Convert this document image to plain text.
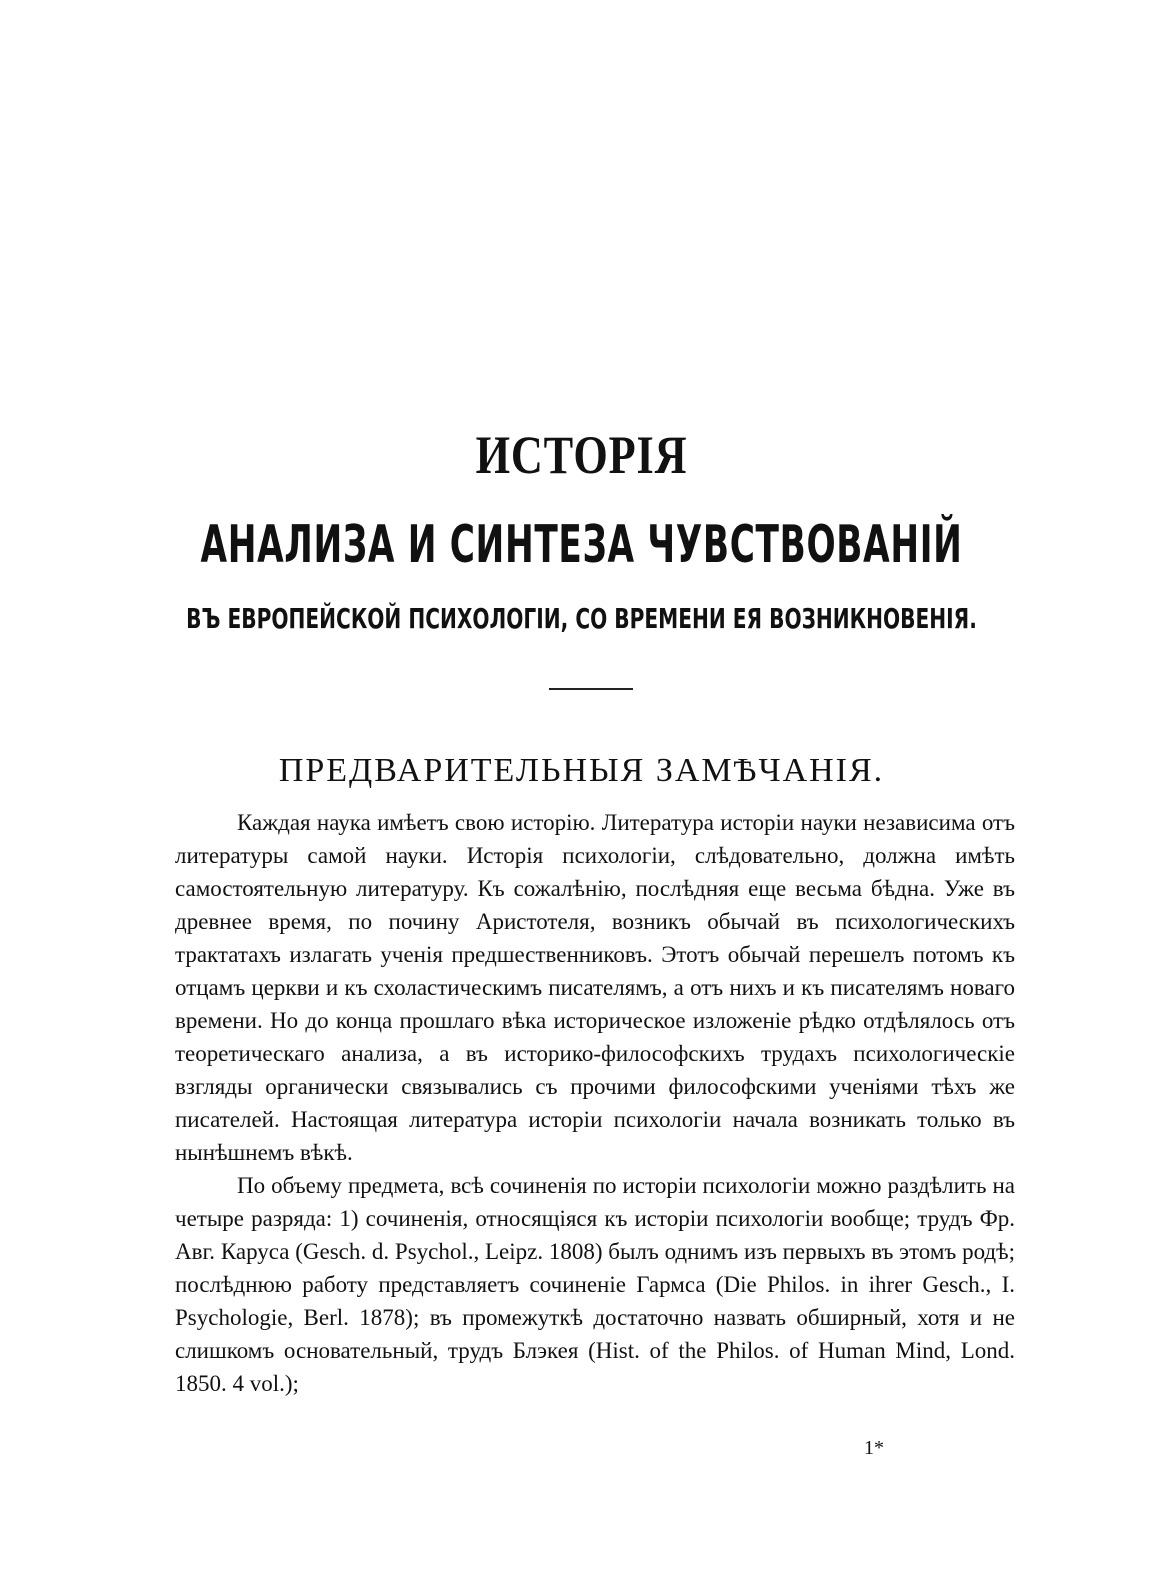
ИСТОРІЯ
АНАЛИЗА И СИНТЕЗА ЧУВСТВОВАНІЙ
ВЪ ЕВРОПЕЙСКОЙ ПСИХОЛОГІИ, СО ВРЕМЕНИ ЕЯ ВОЗНИКНОВЕНІЯ.
ПРЕДВАРИТЕЛЬНЫЯ ЗАМѢЧАНІЯ.

Каждая наука имѣетъ свою исторію. Литература исторіи науки независима отъ литературы самой науки. Исторія психологіи, слѣдовательно, должна имѣть самостоятельную литературу. Къ сожалѣнію, послѣдняя еще весьма бѣдна. Уже въ древнее время, по почину Аристотеля, возникъ обычай въ психологическихъ трактатахъ излагать ученія предшественниковъ. Этотъ обычай перешелъ потомъ къ отцамъ церкви и къ схоластическимъ писателямъ, а отъ нихъ и къ писателямъ новаго времени. Но до конца прошлаго вѣка историческое изложеніе рѣдко отдѣлялось отъ теоретическаго анализа, а въ историко-философскихъ трудахъ психологическіе взгляды органически связывались съ прочими философскими ученіями тѣхъ же писателей. Настоящая литература исторіи психологіи начала возникать только въ нынѣшнемъ вѣкѣ.

По объему предмета, всѣ сочиненія по исторіи психологіи можно раздѣлить на четыре разряда: 1) сочиненія, относящіяся къ исторіи психологіи вообще; трудъ Фр. Авг. Каруса (Gesch. d. Psychol., Leipz. 1808) былъ однимъ изъ первыхъ въ этомъ родѣ; послѣднюю работу представляетъ сочиненіе Гармса (Die Philos. in ihrer Gesch., I. Psychologie, Berl. 1878); въ промежуткѣ достаточно назвать обширный, хотя и не слишкомъ основательный, трудъ Блэкея (Hist. of the Philos. of Human Mind, Lond. 1850. 4 vol.);

1*
